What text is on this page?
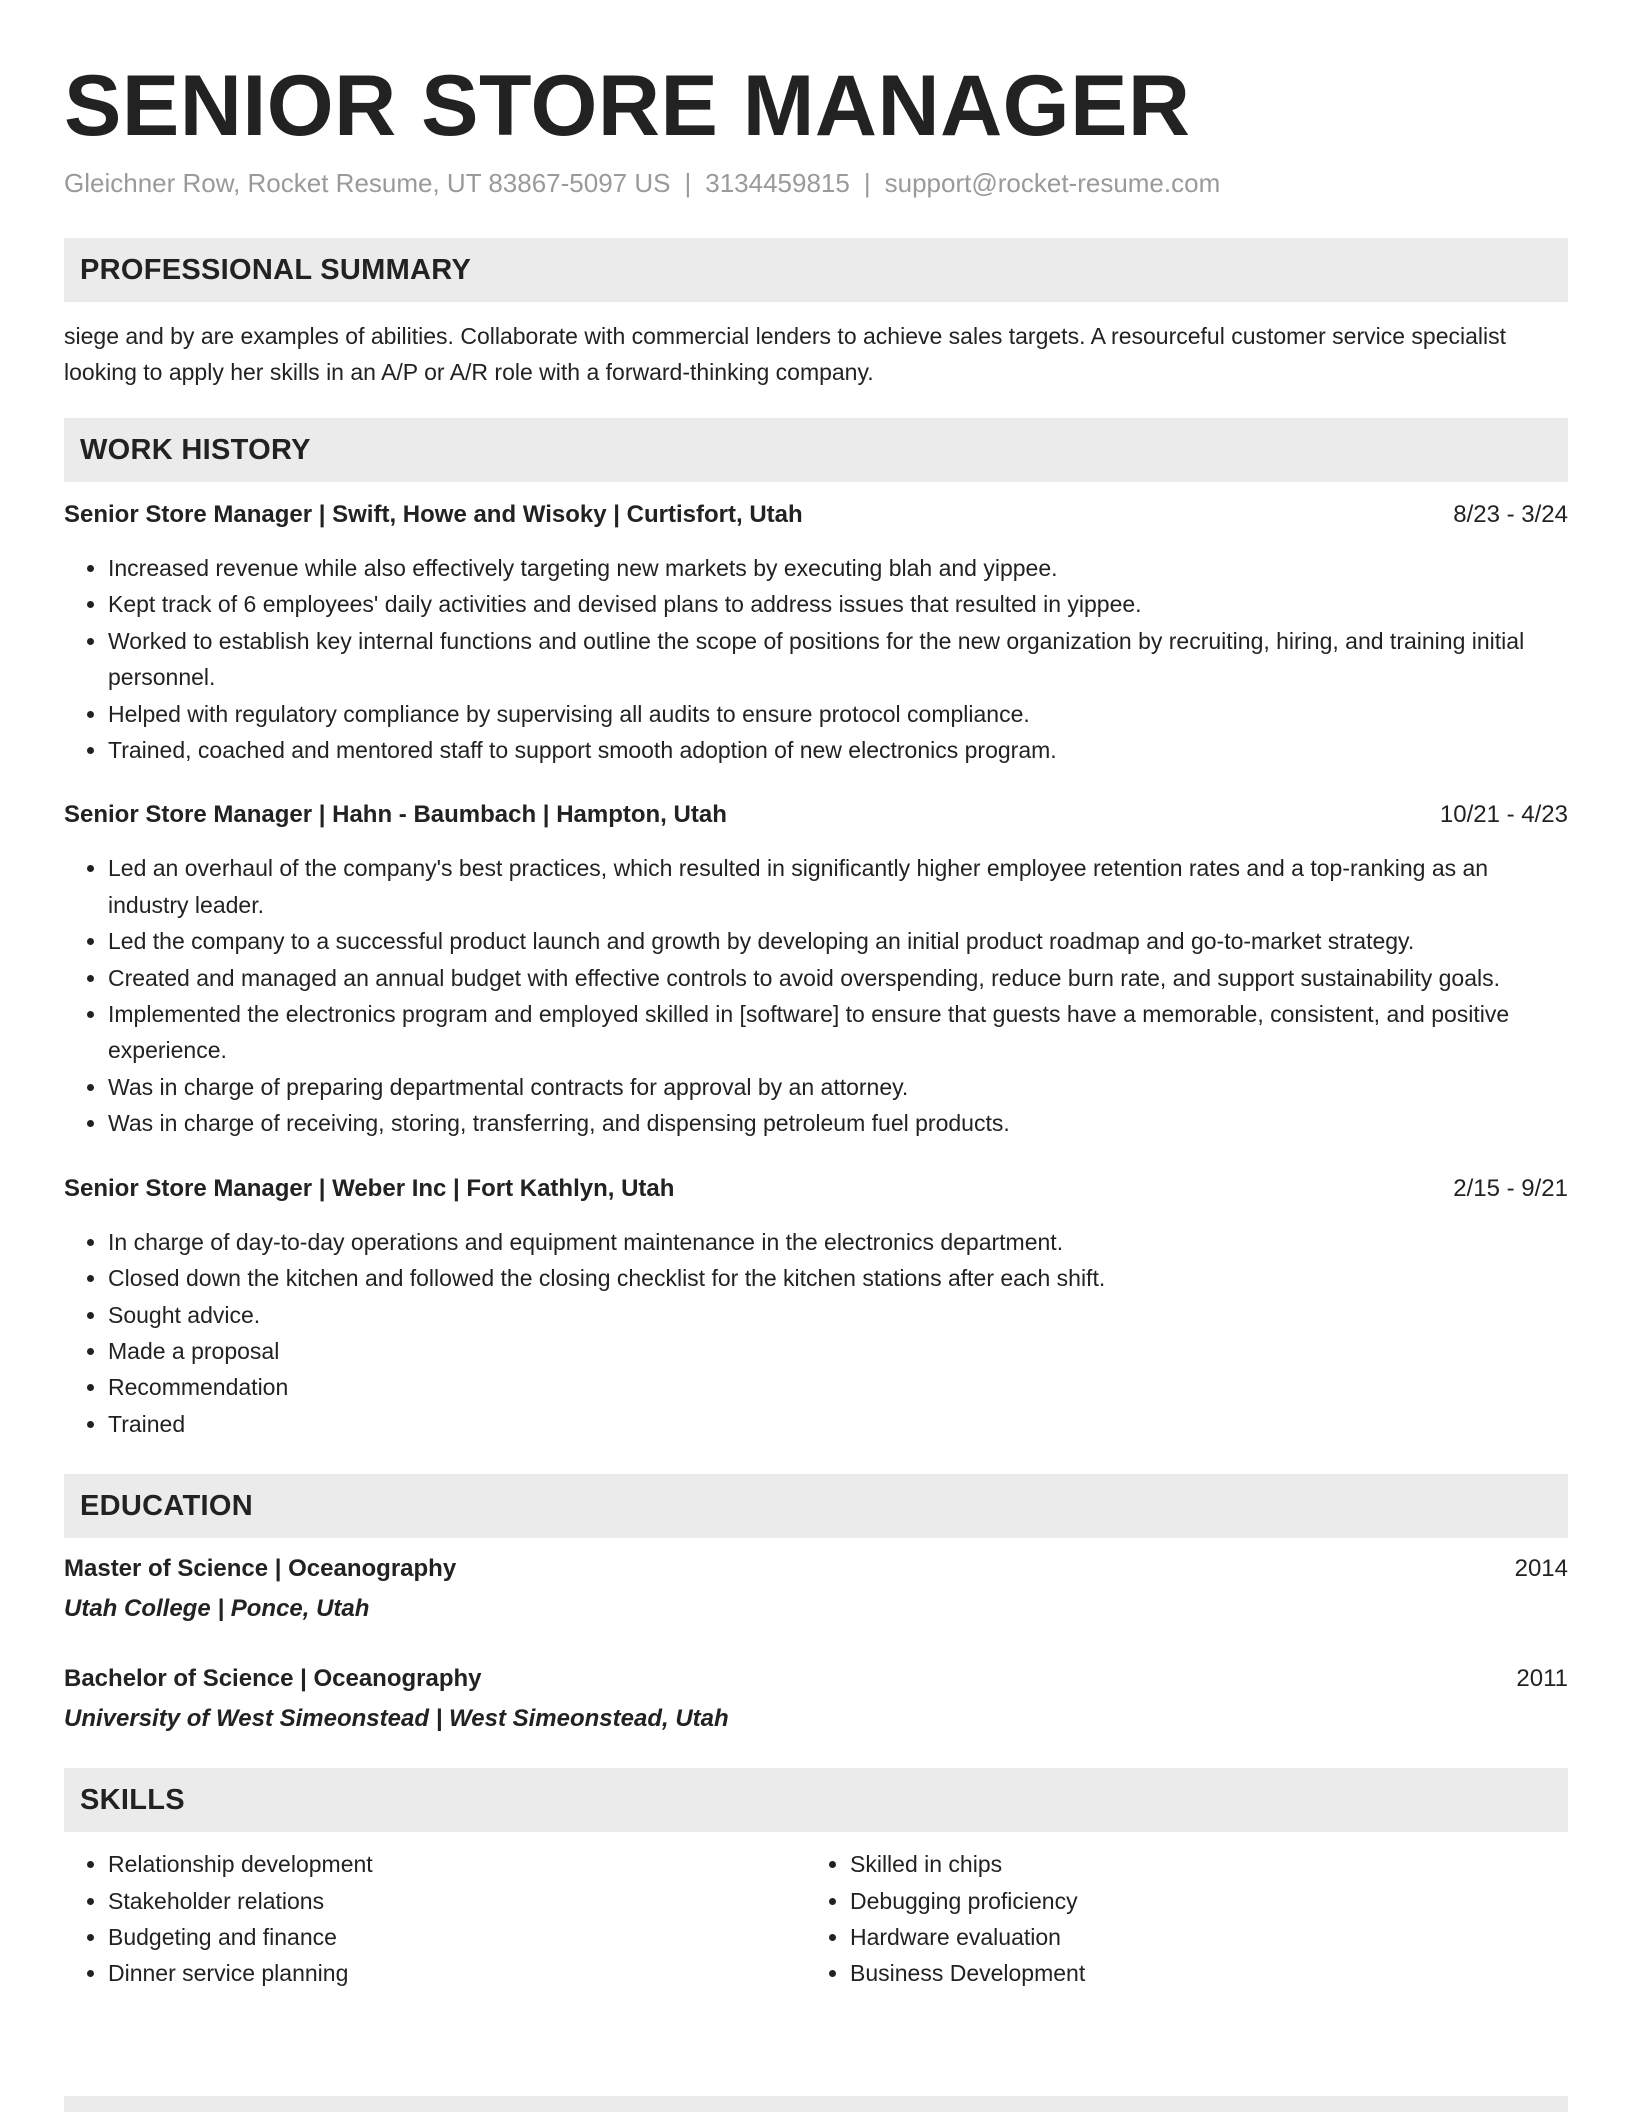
SENIOR STORE MANAGER
Gleichner Row, Rocket Resume, UT 83867-5097 US | 3134459815 | support@rocket-resume.com
PROFESSIONAL SUMMARY

siege and by are examples of abilities. Collaborate with commercial lenders to achieve sales targets. A resourceful customer service specialist looking to apply her skills in an A/P or A/R role with a forward-thinking company.

WORK HISTORY
Senior Store Manager | Swift, Howe and Wisoky | Curtisfort, Utah	8/23 - 3/24
• Increased revenue while also effectively targeting new markets by executing blah and yippee.
• Kept track of 6 employees' daily activities and devised plans to address issues that resulted in yippee.
• Worked to establish key internal functions and outline the scope of positions for the new organization by recruiting, hiring, and training initial personnel.
• Helped with regulatory compliance by supervising all audits to ensure protocol compliance.
• Trained, coached and mentored staff to support smooth adoption of new electronics program.
Senior Store Manager | Hahn - Baumbach | Hampton, Utah	10/21 - 4/23
• Led an overhaul of the company's best practices, which resulted in significantly higher employee retention rates and a top-ranking as an industry leader.
• Led the company to a successful product launch and growth by developing an initial product roadmap and go-to-market strategy.
• Created and managed an annual budget with effective controls to avoid overspending, reduce burn rate, and support sustainability goals.
• Implemented the electronics program and employed skilled in [software] to ensure that guests have a memorable, consistent, and positive experience.
• Was in charge of preparing departmental contracts for approval by an attorney.
• Was in charge of receiving, storing, transferring, and dispensing petroleum fuel products.
Senior Store Manager | Weber Inc | Fort Kathlyn, Utah	2/15 - 9/21
• In charge of day-to-day operations and equipment maintenance in the electronics department.
• Closed down the kitchen and followed the closing checklist for the kitchen stations after each shift.
• Sought advice.
• Made a proposal
• Recommendation
• Trained
EDUCATION
Master of Science | Oceanography	2014
Utah College | Ponce, Utah
Bachelor of Science | Oceanography	2011
University of West Simeonstead | West Simeonstead, Utah
SKILLS
• Relationship development
• Stakeholder relations
• Budgeting and finance
• Dinner service planning
• Skilled in chips
• Debugging proficiency
• Hardware evaluation
• Business Development
